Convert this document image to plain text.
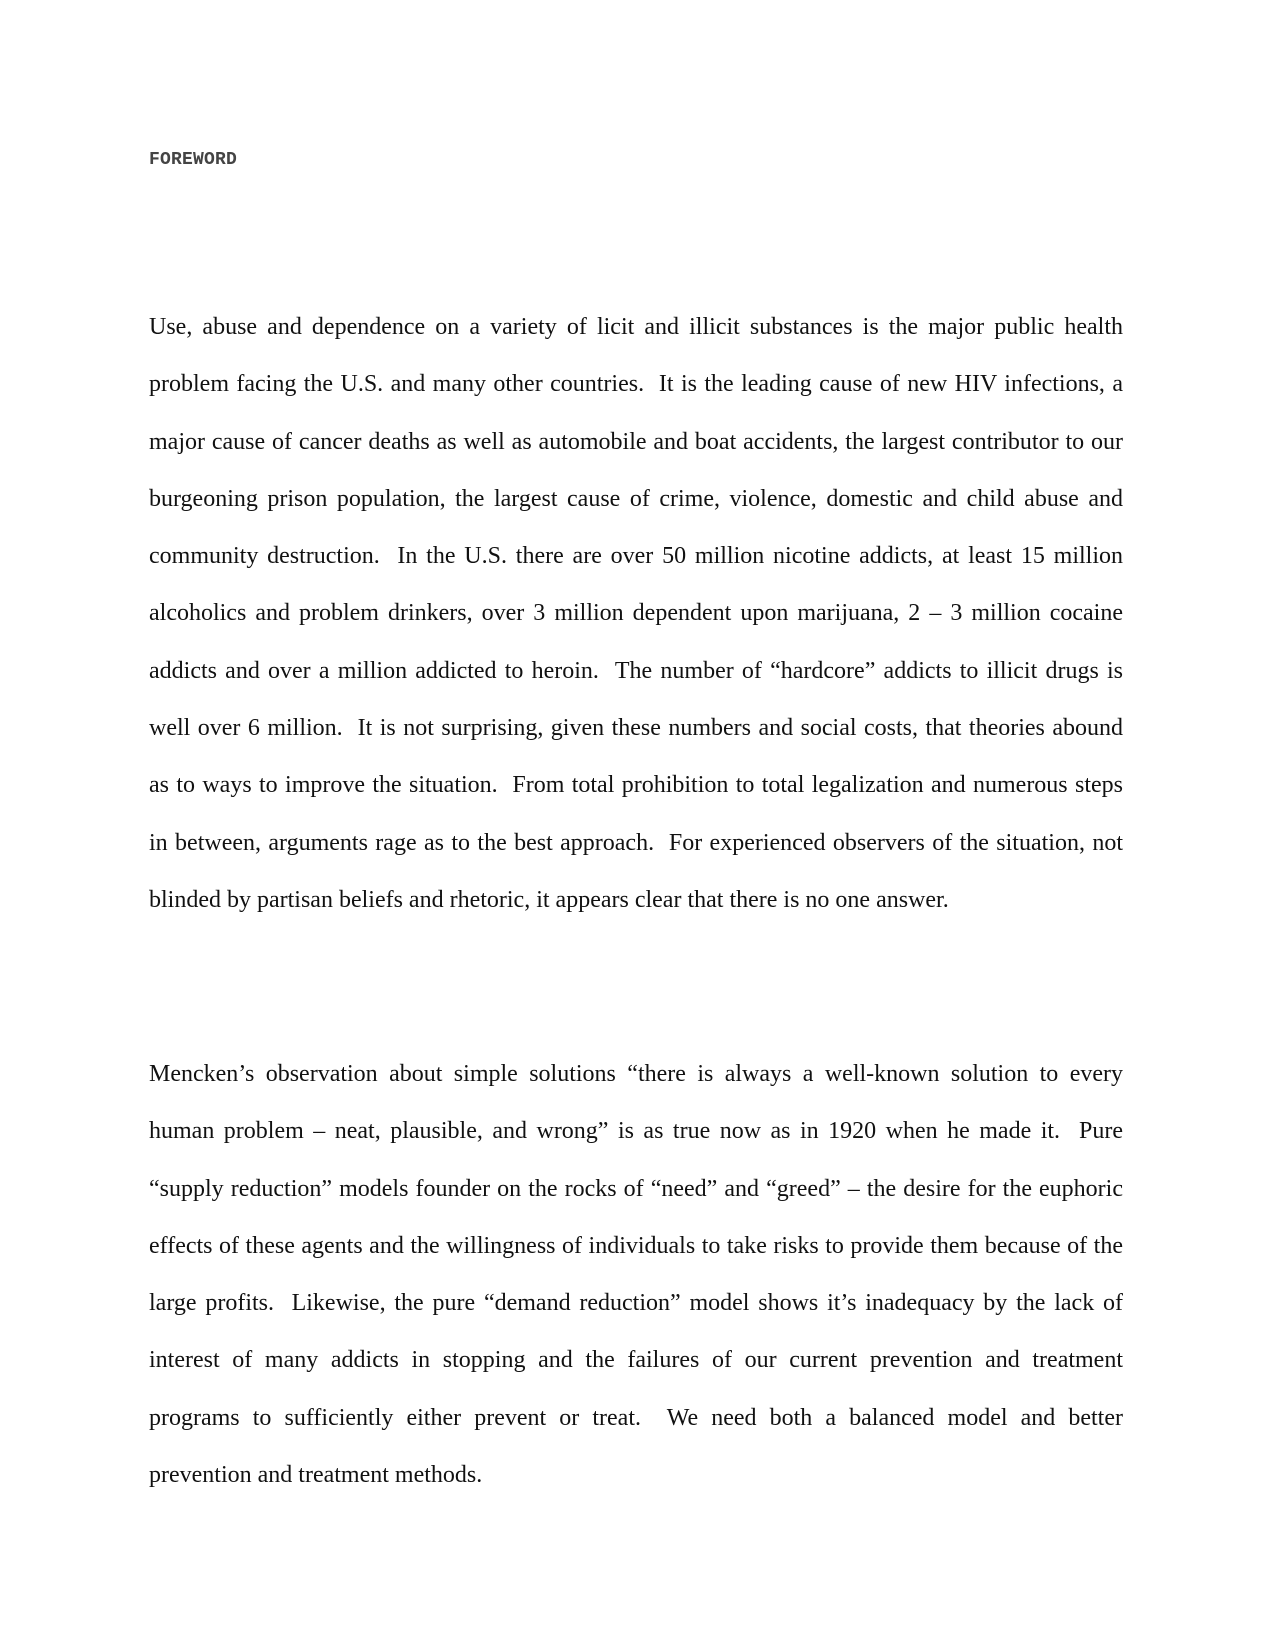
FOREWORD

Use, abuse and dependence on a variety of licit and illicit substances is the major public health problem facing the U.S. and many other countries.  It is the leading cause of new HIV infections, a major cause of cancer deaths as well as automobile and boat accidents, the largest contributor to our burgeoning prison population, the largest cause of crime, violence, domestic and child abuse and community destruction.  In the U.S. there are over 50 million nicotine addicts, at least 15 million alcoholics and problem drinkers, over 3 million dependent upon marijuana, 2 – 3 million cocaine addicts and over a million addicted to heroin.  The number of “hardcore” addicts to illicit drugs is well over 6 million.  It is not surprising, given these numbers and social costs, that theories abound as to ways to improve the situation.  From total prohibition to total legalization and numerous steps in between, arguments rage as to the best approach.  For experienced observers of the situation, not blinded by partisan beliefs and rhetoric, it appears clear that there is no one answer.

Mencken’s observation about simple solutions “there is always a well-known solution to every human problem – neat, plausible, and wrong” is as true now as in 1920 when he made it.  Pure “supply reduction” models founder on the rocks of “need” and “greed” – the desire for the euphoric effects of these agents and the willingness of individuals to take risks to provide them because of the large profits.  Likewise, the pure “demand reduction” model shows it’s inadequacy by the lack of interest of many addicts in stopping and the failures of our current prevention and treatment programs to sufficiently either prevent or treat.  We need both a balanced model and better prevention and treatment methods.
